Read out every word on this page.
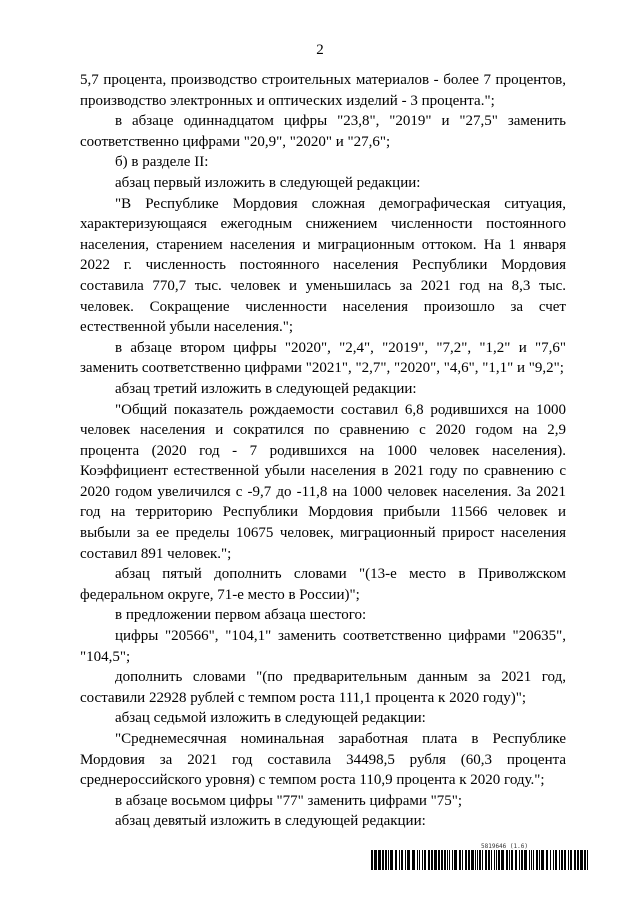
2

5,7 процента, производство строительных материалов - более 7 процентов, производство электронных и оптических изделий - 3 процента.";

в абзаце одиннадцатом цифры "23,8", "2019" и "27,5" заменить соответственно цифрами "20,9", "2020" и "27,6";

б) в разделе II:

абзац первый изложить в следующей редакции:

"В Республике Мордовия сложная демографическая ситуация, характеризующаяся ежегодным снижением численности постоянного населения, старением населения и миграционным оттоком. На 1 января 2022 г. численность постоянного населения Республики Мордовия составила 770,7 тыс. человек и уменьшилась за 2021 год на 8,3 тыс. человек. Сокращение численности населения произошло за счет естественной убыли населения.";

в абзаце втором цифры "2020", "2,4", "2019", "7,2", "1,2" и "7,6" заменить соответственно цифрами "2021", "2,7", "2020", "4,6", "1,1" и "9,2";

абзац третий изложить в следующей редакции:

"Общий показатель рождаемости составил 6,8 родившихся на 1000 человек населения и сократился по сравнению с 2020 годом на 2,9 процента (2020 год - 7 родившихся на 1000 человек населения). Коэффициент естественной убыли населения в 2021 году по сравнению с 2020 годом увеличился с -9,7 до -11,8 на 1000 человек населения. За 2021 год на территорию Республики Мордовия прибыли 11566 человек и выбыли за ее пределы 10675 человек, миграционный прирост населения составил 891 человек.";

абзац пятый дополнить словами "(13-е место в Приволжском федеральном округе, 71-е место в России)";

в предложении первом абзаца шестого:

цифры "20566", "104,1" заменить соответственно цифрами "20635", "104,5";

дополнить словами "(по предварительным данным за 2021 год, составили 22928 рублей с темпом роста 111,1 процента к 2020 году)";

абзац седьмой изложить в следующей редакции:

"Среднемесячная номинальная заработная плата в Республике Мордовия за 2021 год составила 34498,5 рубля (60,3 процента среднероссийского уровня) с темпом роста 110,9 процента к 2020 году.";

в абзаце восьмом цифры "77" заменить цифрами "75";

абзац девятый изложить в следующей редакции:

5819646 (1.6)
